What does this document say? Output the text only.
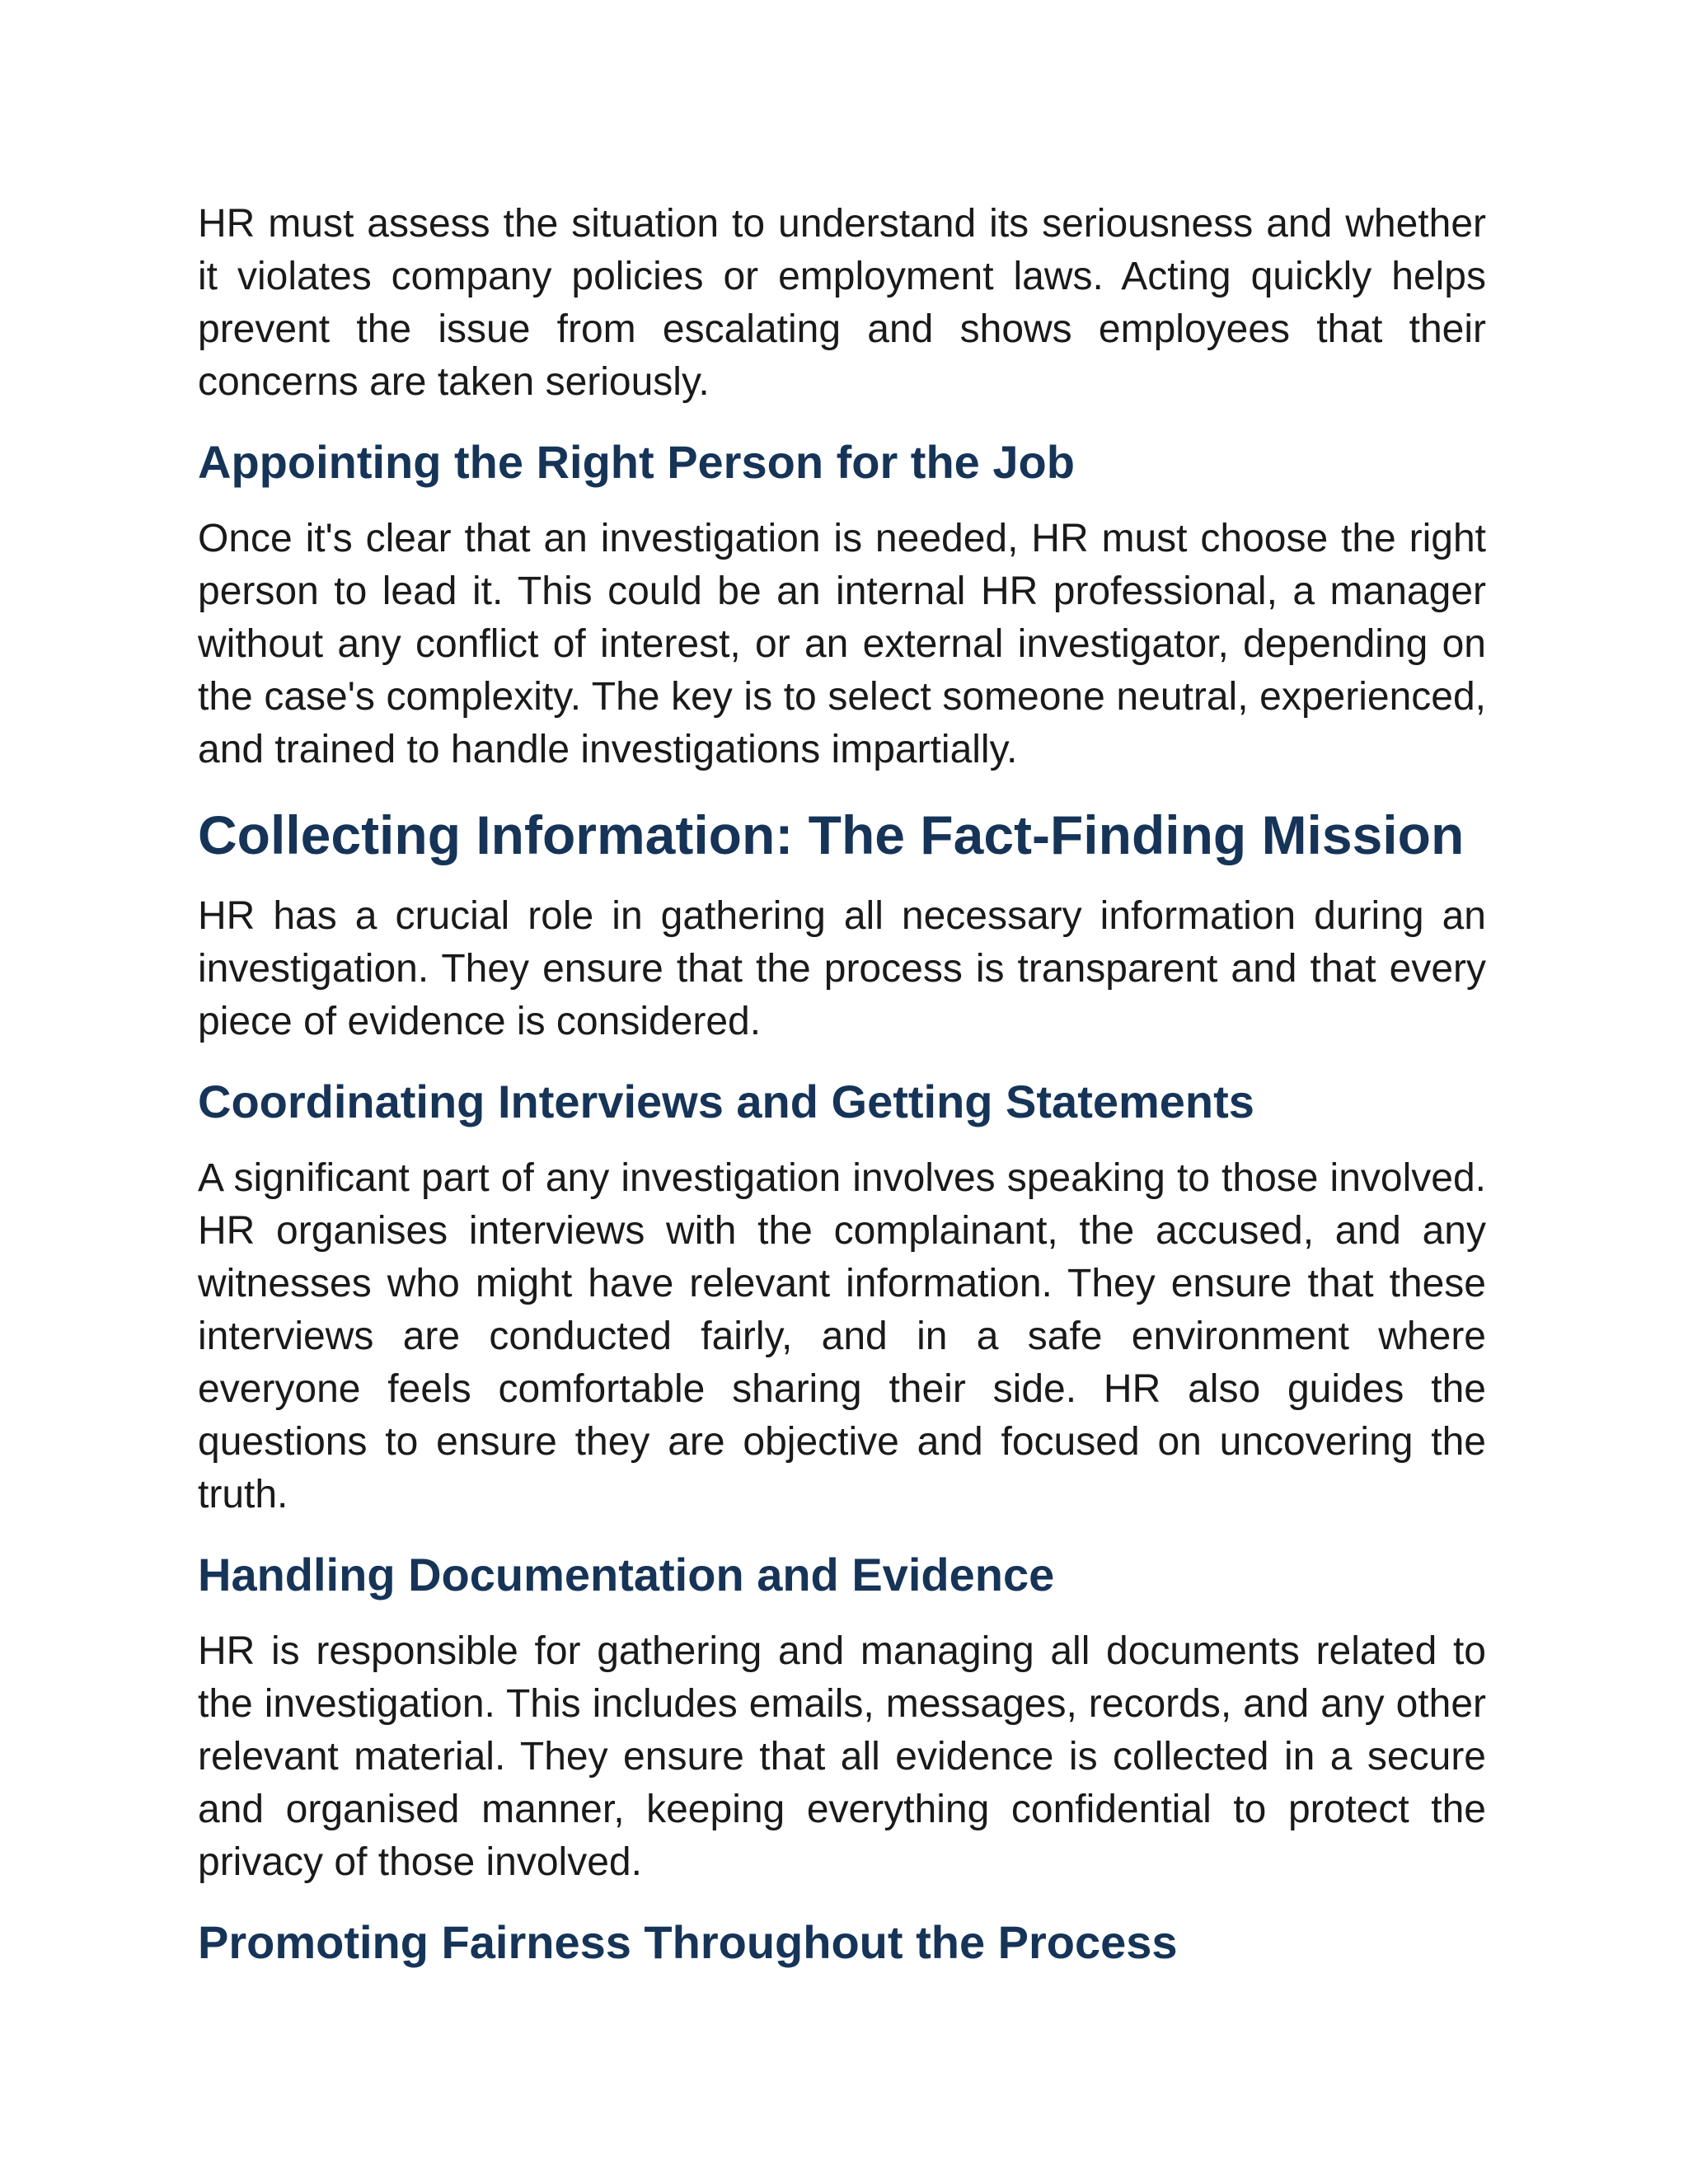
HR must assess the situation to understand its seriousness and whether it violates company policies or employment laws. Acting quickly helps prevent the issue from escalating and shows employees that their concerns are taken seriously.

Appointing the Right Person for the Job

Once it's clear that an investigation is needed, HR must choose the right person to lead it. This could be an internal HR professional, a manager without any conflict of interest, or an external investigator, depending on the case's complexity. The key is to select someone neutral, experienced, and trained to handle investigations impartially.

Collecting Information: The Fact-Finding Mission

HR has a crucial role in gathering all necessary information during an investigation. They ensure that the process is transparent and that every piece of evidence is considered.

Coordinating Interviews and Getting Statements

A significant part of any investigation involves speaking to those involved. HR organises interviews with the complainant, the accused, and any witnesses who might have relevant information. They ensure that these interviews are conducted fairly, and in a safe environment where everyone feels comfortable sharing their side. HR also guides the questions to ensure they are objective and focused on uncovering the truth.

Handling Documentation and Evidence

HR is responsible for gathering and managing all documents related to the investigation. This includes emails, messages, records, and any other relevant material. They ensure that all evidence is collected in a secure and organised manner, keeping everything confidential to protect the privacy of those involved.

Promoting Fairness Throughout the Process
